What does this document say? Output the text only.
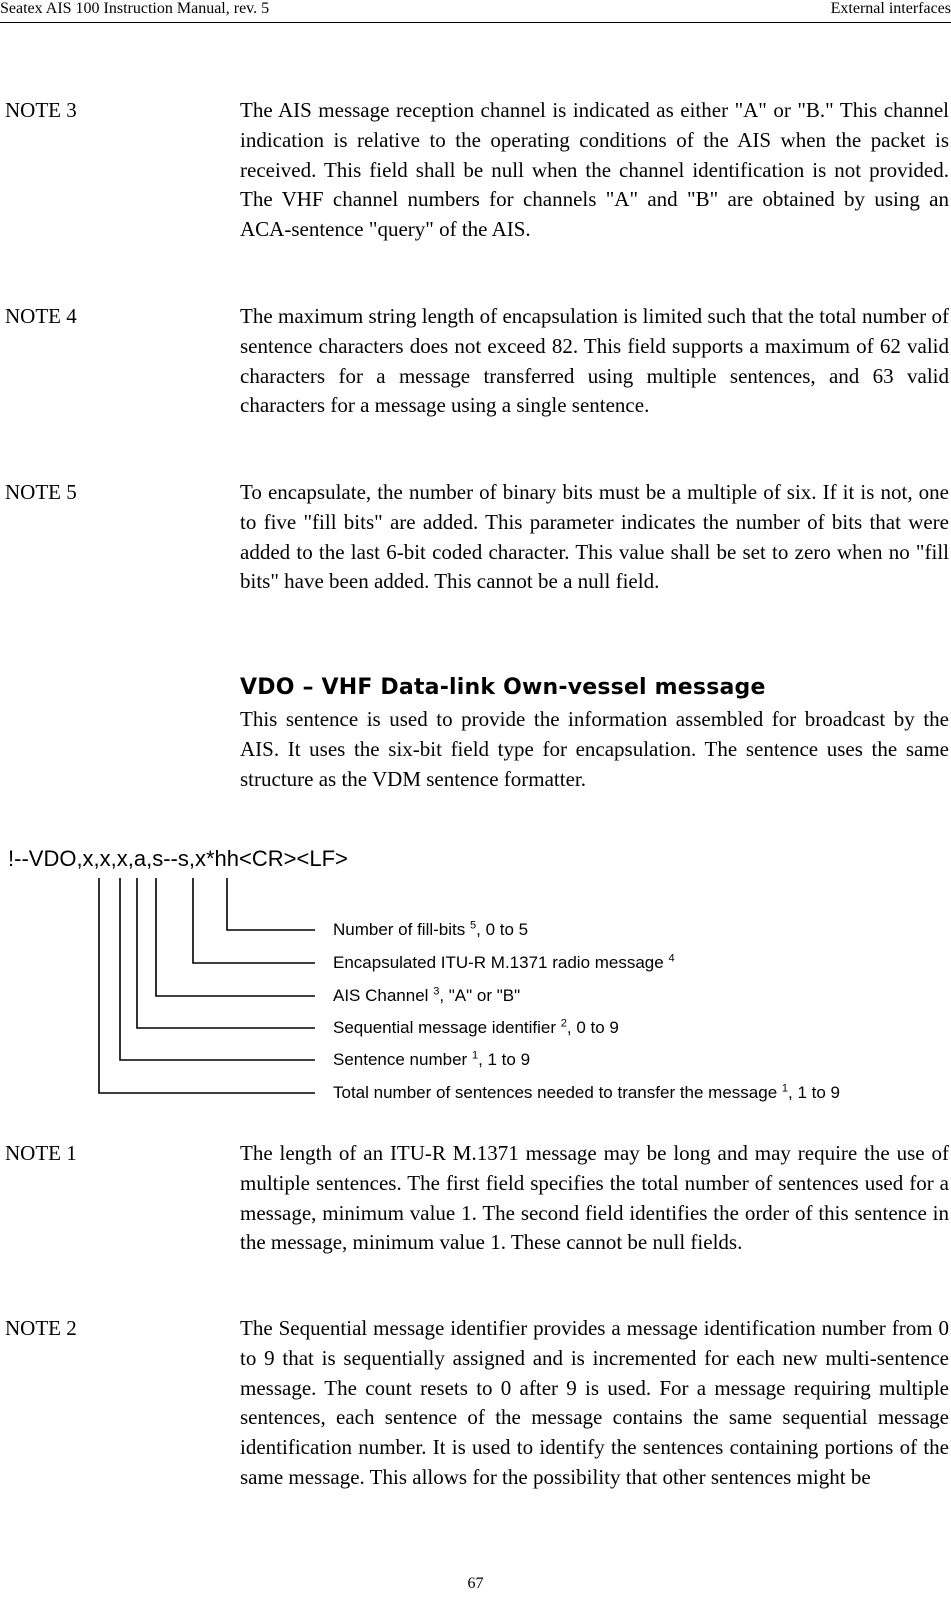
Seatex AIS 100 Instruction Manual, rev. 5	External interfaces
NOTE 3	The AIS message reception channel is indicated as either "A" or "B." This channel indication is relative to the operating conditions of the AIS when the packet is received. This field shall be null when the channel identification is not provided. The VHF channel numbers for channels "A" and "B" are obtained by using an ACA-sentence "query" of the AIS.
NOTE 4	The maximum string length of encapsulation is limited such that the total number of sentence characters does not exceed 82. This field supports a maximum of 62 valid characters for a message transferred using multiple sentences, and 63 valid characters for a message using a single sentence.
NOTE 5	To encapsulate, the number of binary bits must be a multiple of six. If it is not, one to five "fill bits" are added. This parameter indicates the number of bits that were added to the last 6-bit coded character. This value shall be set to zero when no "fill bits" have been added. This cannot be a null field.
VDO – VHF Data-link Own-vessel message
This sentence is used to provide the information assembled for broadcast by the AIS. It uses the six-bit field type for encapsulation. The sentence uses the same structure as the VDM sentence formatter.
!--VDO,x,x,x,a,s--s,x*hh<CR><LF>
Number of fill-bits $^5$, 0 to 5
Encapsulated ITU-R M.1371 radio message $^4$
AIS Channel $^3$, "A" or "B"
Sequential message identifier $^2$, 0 to 9
Sentence number $^1$, 1 to 9
Total number of sentences needed to transfer the message $^1$, 1 to 9
NOTE 1	The length of an ITU-R M.1371 message may be long and may require the use of multiple sentences. The first field specifies the total number of sentences used for a message, minimum value 1. The second field identifies the order of this sentence in the message, minimum value 1. These cannot be null fields.
NOTE 2	The Sequential message identifier provides a message identification number from 0 to 9 that is sequentially assigned and is incremented for each new multi-sentence message. The count resets to 0 after 9 is used. For a message requiring multiple sentences, each sentence of the message contains the same sequential message identification number. It is used to identify the sentences containing portions of the same message. This allows for the possibility that other sentences might be
67
